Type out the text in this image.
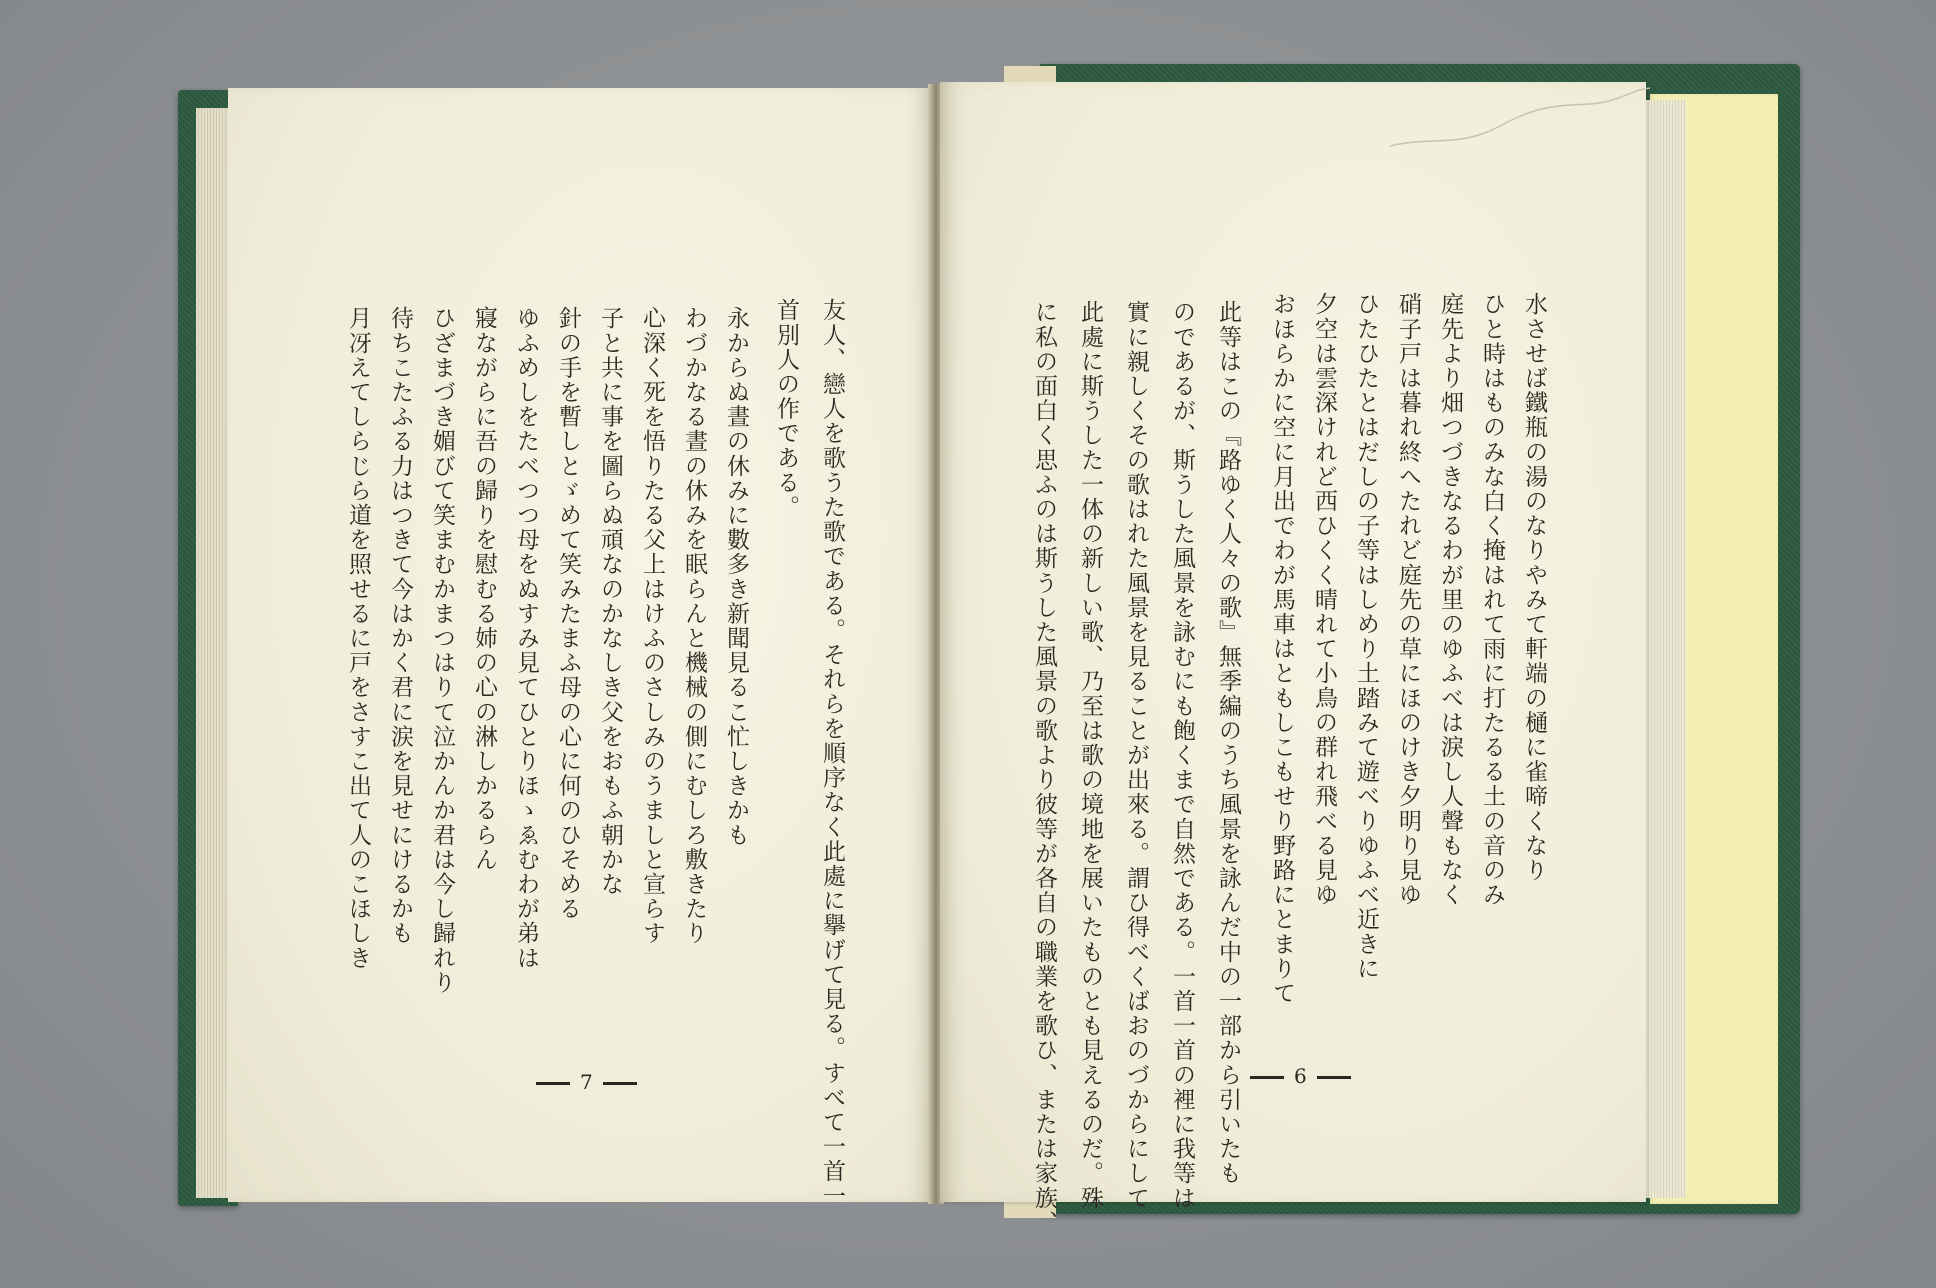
友人、戀人を歌うた歌である。それらを順序なく此處に擧げて見る。すべて一首一
首別人の作である。
永からぬ晝の休みに數多き新聞見るこ忙しきかも
わづかなる晝の休みを眠らんと機械の側にむしろ敷きたり
心深く死を悟りたる父上はけふのさしみのうましと宣らす
子と共に事を圖らぬ頑なのかなしき父をおもふ朝かな
針の手を暫しとゞめて笑みたまふ母の心に何のひそめる
ゆふめしをたべつつ母をぬすみ見てひとりほゝゑむわが弟は
寢ながらに吾の歸りを慰むる姉の心の淋しかるらん
ひざまづき媚びて笑まむかまつはりて泣かんか君は今し歸れり
待ちこたふる力はつきて今はかく君に涙を見せにけるかも
月冴えてしらじら道を照せるに戸をさすこ出て人のこほしき
7
水させば鐵瓶の湯のなりやみて軒端の樋に雀啼くなり
ひと時はものみな白く掩はれて雨に打たるる土の音のみ
庭先より畑つづきなるわが里のゆふべは淚し人聲もなく
硝子戸は暮れ終へたれど庭先の草にほのけき夕明り見ゆ
ひたひたとはだしの子等はしめり土踏みて遊べりゆふべ近きに
夕空は雲深けれど西ひくく晴れて小鳥の群れ飛べる見ゆ
おほらかに空に月出でわが馬車はともしこもせり野路にとまりて
此等はこの『路ゆく人々の歌』無季編のうち風景を詠んだ中の一部から引いたも
のであるが、斯うした風景を詠むにも飽くまで自然である。一首一首の裡に我等は
實に親しくその歌はれた風景を見ることが出來る。謂ひ得べくばおのづからにして
此處に斯うした一体の新しい歌、乃至は歌の境地を展いたものとも見えるのだ。殊
に私の面白く思ふのは斯うした風景の歌より彼等が各自の職業を歌ひ、または家族、	6
